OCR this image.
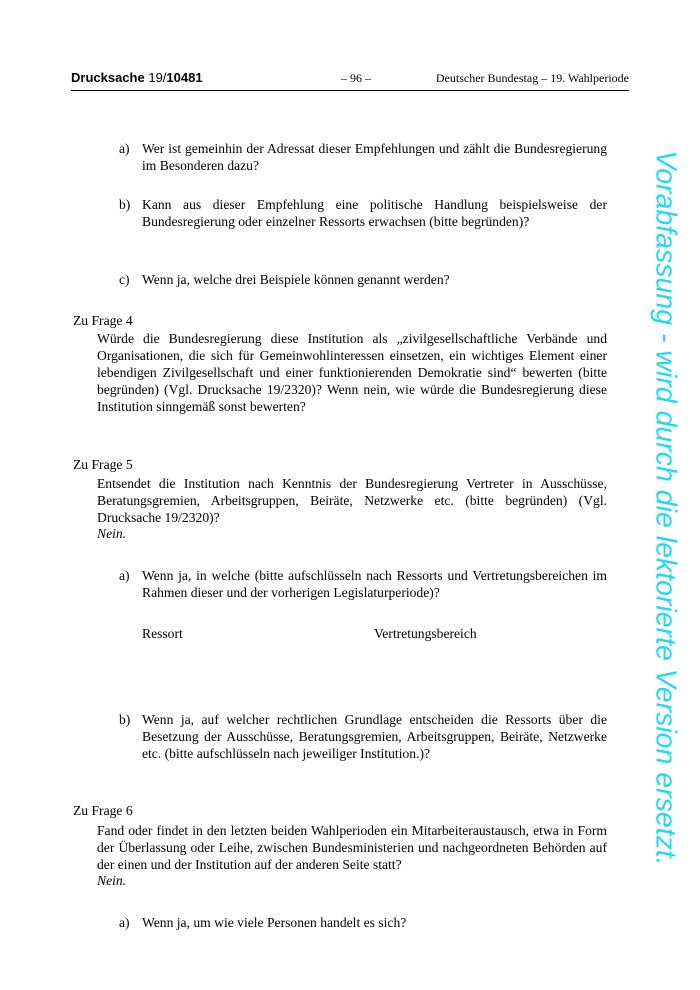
Drucksache 19/10481	– 96 –	Deutscher Bundestag – 19. Wahlperiode
a) Wer ist gemeinhin der Adressat dieser Empfehlungen und zählt die Bundesregierung im Besonderen dazu?
b) Kann aus dieser Empfehlung eine politische Handlung beispielsweise der Bundesregierung oder einzelner Ressorts erwachsen (bitte begründen)?
c) Wenn ja, welche drei Beispiele können genannt werden?
Zu Frage 4
Würde die Bundesregierung diese Institution als „zivilgesellschaftliche Verbände und Organisationen, die sich für Gemeinwohlinteressen einsetzen, ein wichtiges Element einer lebendigen Zivilgesellschaft und einer funktionierenden Demokratie sind“ bewerten (bitte begründen) (Vgl. Drucksache 19/2320)? Wenn nein, wie würde die Bundesregierung diese Institution sinngemäß sonst bewerten?
Zu Frage 5
Entsendet die Institution nach Kenntnis der Bundesregierung Vertreter in Ausschüsse, Beratungsgremien, Arbeitsgruppen, Beiräte, Netzwerke etc. (bitte begründen) (Vgl. Drucksache 19/2320)?
Nein.
a) Wenn ja, in welche (bitte aufschlüsseln nach Ressorts und Vertretungsbereichen im Rahmen dieser und der vorherigen Legislaturperiode)?
Ressort	Vertretungsbereich
b) Wenn ja, auf welcher rechtlichen Grundlage entscheiden die Ressorts über die Besetzung der Ausschüsse, Beratungsgremien, Arbeitsgruppen, Beiräte, Netzwerke etc. (bitte aufschlüsseln nach jeweiliger Institution.)?
Zu Frage 6
Fand oder findet in den letzten beiden Wahlperioden ein Mitarbeiteraustausch, etwa in Form der Überlassung oder Leihe, zwischen Bundesministerien und nachgeordneten Behörden auf der einen und der Institution auf der anderen Seite statt?
Nein.
a) Wenn ja, um wie viele Personen handelt es sich?
Vorabfassung - wird durch die lektorierte Version ersetzt.
